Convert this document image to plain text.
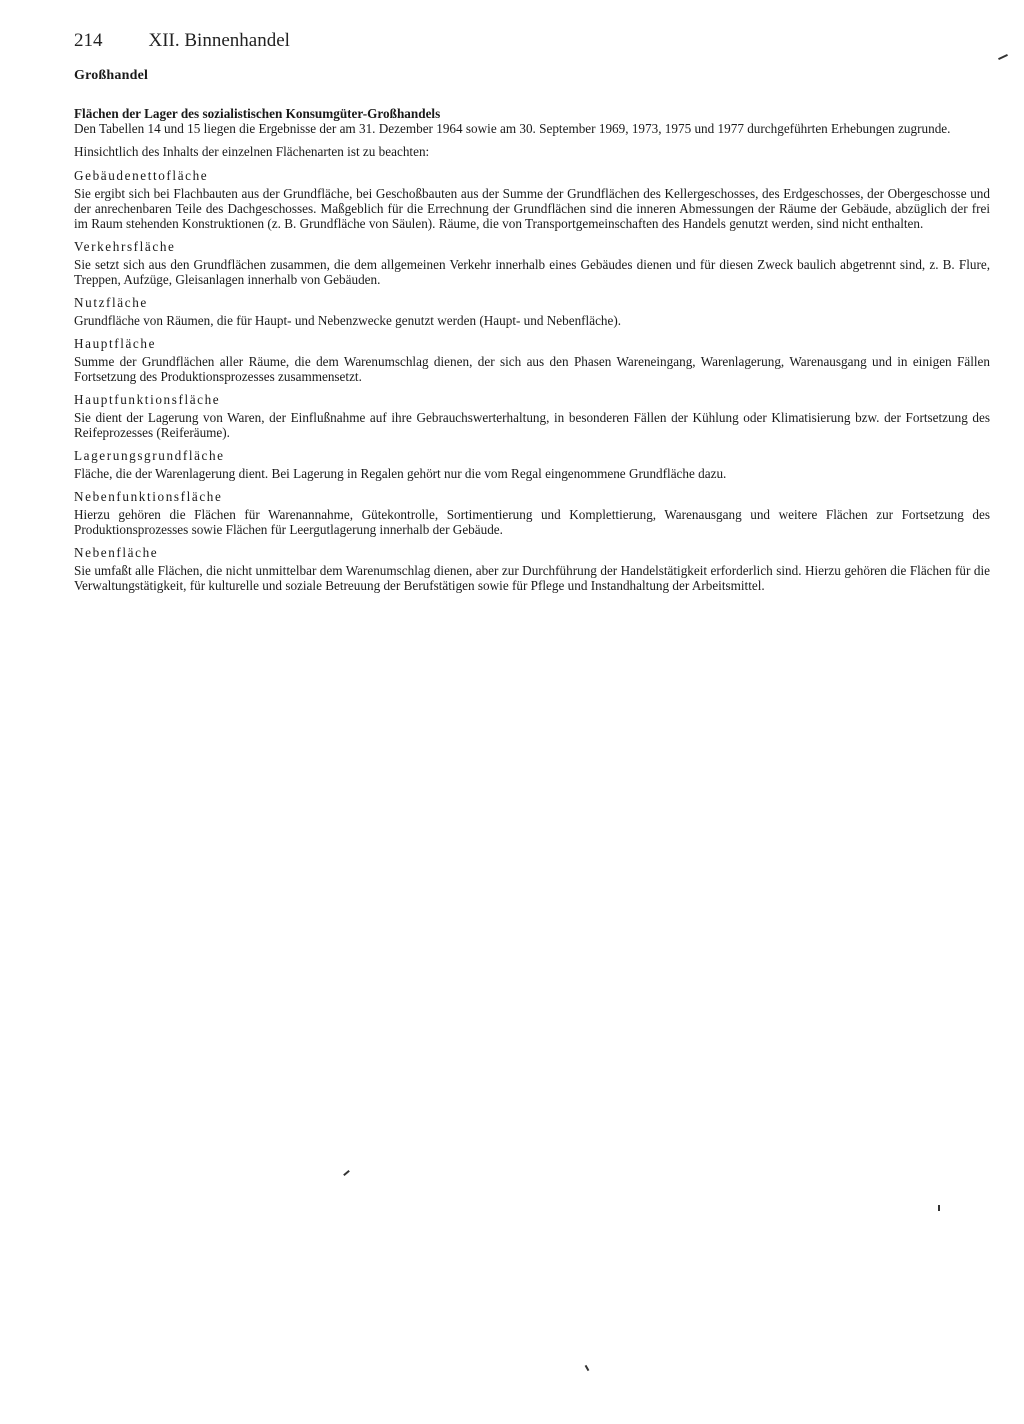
214 XII. Binnenhandel
Großhandel

Flächen der Lager des sozialistischen Konsumgüter-Großhandels

Den Tabellen 14 und 15 liegen die Ergebnisse der am 31. Dezember 1964 sowie am 30. September 1969, 1973, 1975 und 1977 durchgeführten Erhebungen zugrunde.

Hinsichtlich des Inhalts der einzelnen Flächenarten ist zu beachten:

Gebäudenettofläche

Sie ergibt sich bei Flachbauten aus der Grundfläche, bei Geschoßbauten aus der Summe der Grundflächen des Kellergeschosses, des Erdgeschosses, der Obergeschosse und der anrechenbaren Teile des Dachgeschosses. Maßgeblich für die Errechnung der Grundflächen sind die inneren Abmessungen der Räume der Gebäude, abzüglich der frei im Raum stehenden Konstruktionen (z. B. Grundfläche von Säulen). Räume, die von Transportgemeinschaften des Handels genutzt werden, sind nicht enthalten.

Verkehrsfläche

Sie setzt sich aus den Grundflächen zusammen, die dem allgemeinen Verkehr innerhalb eines Gebäudes dienen und für diesen Zweck baulich abgetrennt sind, z. B. Flure, Treppen, Aufzüge, Gleisanlagen innerhalb von Gebäuden.

Nutzfläche

Grundfläche von Räumen, die für Haupt- und Nebenzwecke genutzt werden (Haupt- und Nebenfläche).

Hauptfläche

Summe der Grundflächen aller Räume, die dem Warenumschlag dienen, der sich aus den Phasen Wareneingang, Warenlagerung, Warenausgang und in einigen Fällen Fortsetzung des Produktionsprozesses zusammensetzt.

Hauptfunktionsfläche

Sie dient der Lagerung von Waren, der Einflußnahme auf ihre Gebrauchswerterhaltung, in besonderen Fällen der Kühlung oder Klimatisierung bzw. der Fortsetzung des Reifeprozesses (Reiferäume).

Lagerungsgrundfläche

Fläche, die der Warenlagerung dient. Bei Lagerung in Regalen gehört nur die vom Regal eingenommene Grundfläche dazu.

Nebenfunktionsfläche

Hierzu gehören die Flächen für Warenannahme, Gütekontrolle, Sortimentierung und Komplettierung, Warenausgang und weitere Flächen zur Fortsetzung des Produktionsprozesses sowie Flächen für Leergutlagerung innerhalb der Gebäude.

Nebenfläche

Sie umfaßt alle Flächen, die nicht unmittelbar dem Warenumschlag dienen, aber zur Durchführung der Handelstätigkeit erforderlich sind. Hierzu gehören die Flächen für die Verwaltungstätigkeit, für kulturelle und soziale Betreuung der Berufstätigen sowie für Pflege und Instandhaltung der Arbeitsmittel.
